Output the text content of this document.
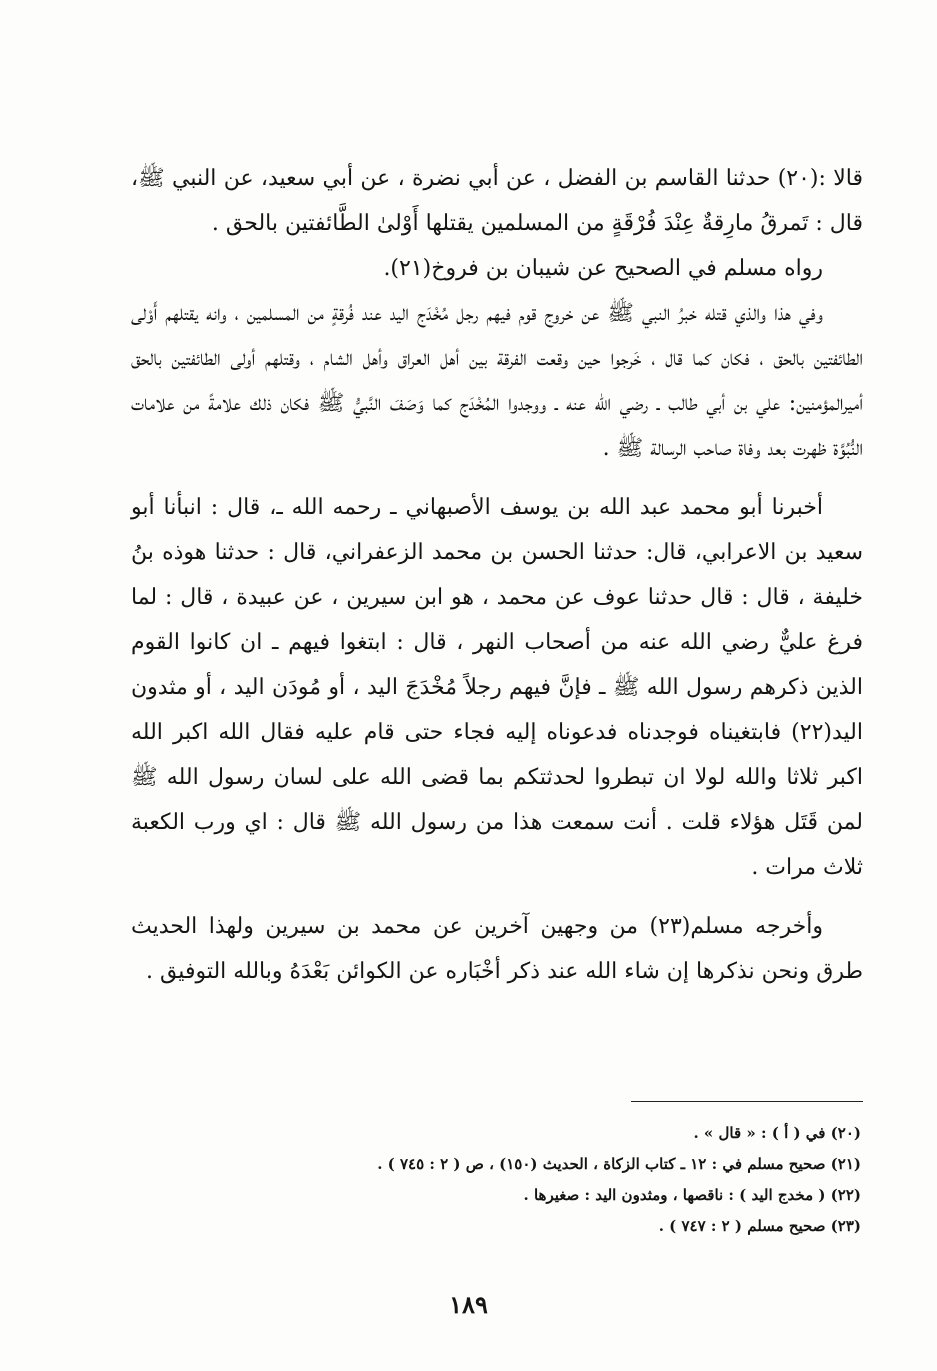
قالا :(٢٠) حدثنا القاسم بن الفضل ، عن أبي نضرة ، عن أبي سعيد، عن النبي ﷺ، قال : تَمرقُ مارِقةٌ عِنْدَ فُرْقَةٍ من المسلمين يقتلها أَوْلىٰ الطَّائفتين بالحق .

رواه مسلم في الصحيح عن شيبان بن فروخ(٢١).

وفي هذا والذي قتله خبرُ النبي ﷺ عن خروج قوم فيهم رجل مُخْدَج اليد عند فُرقةٍ من المسلمين ، وانه يقتلهم أَوْلى الطائفتين بالحق ، فكان كما قال ، خَرجوا حين وقعت الفرقة بين أهل العراق وأهل الشام ، وقتلهم أولى الطائفتين بالحق أميرالمؤمنين: علي بن أبي طالب ـ رضي الله عنه ـ ووجدوا المُخْدَج كما وَصَفَ النَّبيُّ ﷺ فكان ذلك علامةً من علامات النُّبُوَّة ظهرت بعد وفاة صاحب الرسالة ﷺ .

أخبرنا أبو محمد عبد الله بن يوسف الأصبهاني ـ رحمه الله ـ، قال : انبأنا أبو سعيد بن الاعرابي، قال: حدثنا الحسن بن محمد الزعفراني، قال : حدثنا هوذه بنُ خليفة ، قال : قال حدثنا عوف عن محمد ، هو ابن سيرين ، عن عبيدة ، قال : لما فرغ عليٌّ رضي الله عنه من أصحاب النهر ، قال : ابتغوا فيهم ـ ان كانوا القوم الذين ذكرهم رسول الله ﷺ ـ فإنَّ فيهم رجلاً مُخْدَجَ اليد ، أو مُودَن اليد ، أو مثدون اليد(٢٢) فابتغيناه فوجدناه فدعوناه إليه فجاء حتى قام عليه فقال الله اكبر الله اكبر ثلاثا والله لولا ان تبطروا لحدثتكم بما قضى الله على لسان رسول الله ﷺ لمن قَتَل هؤلاء قلت . أنت سمعت هذا من رسول الله ﷺ قال : اي ورب الكعبة ثلاث مرات .

وأخرجه مسلم(٢٣) من وجهين آخرين عن محمد بن سيرين ولهذا الحديث طرق ونحن نذكرها إن شاء الله عند ذكر أخْبَاره عن الكوائن بَعْدَهُ وبالله التوفيق .

(٢٠) في ( أ ) : « قال » .
(٢١) صحيح مسلم في : ١٢ ـ كتاب الزكاة ، الحديث (١٥٠) ، ص ( ٢ : ٧٤٥ ) .
(٢٢) ( مخدج اليد ) : ناقصها ، ومثدون اليد : صغيرها .
(٢٣) صحيح مسلم ( ٢ : ٧٤٧ ) .
١٨٩
